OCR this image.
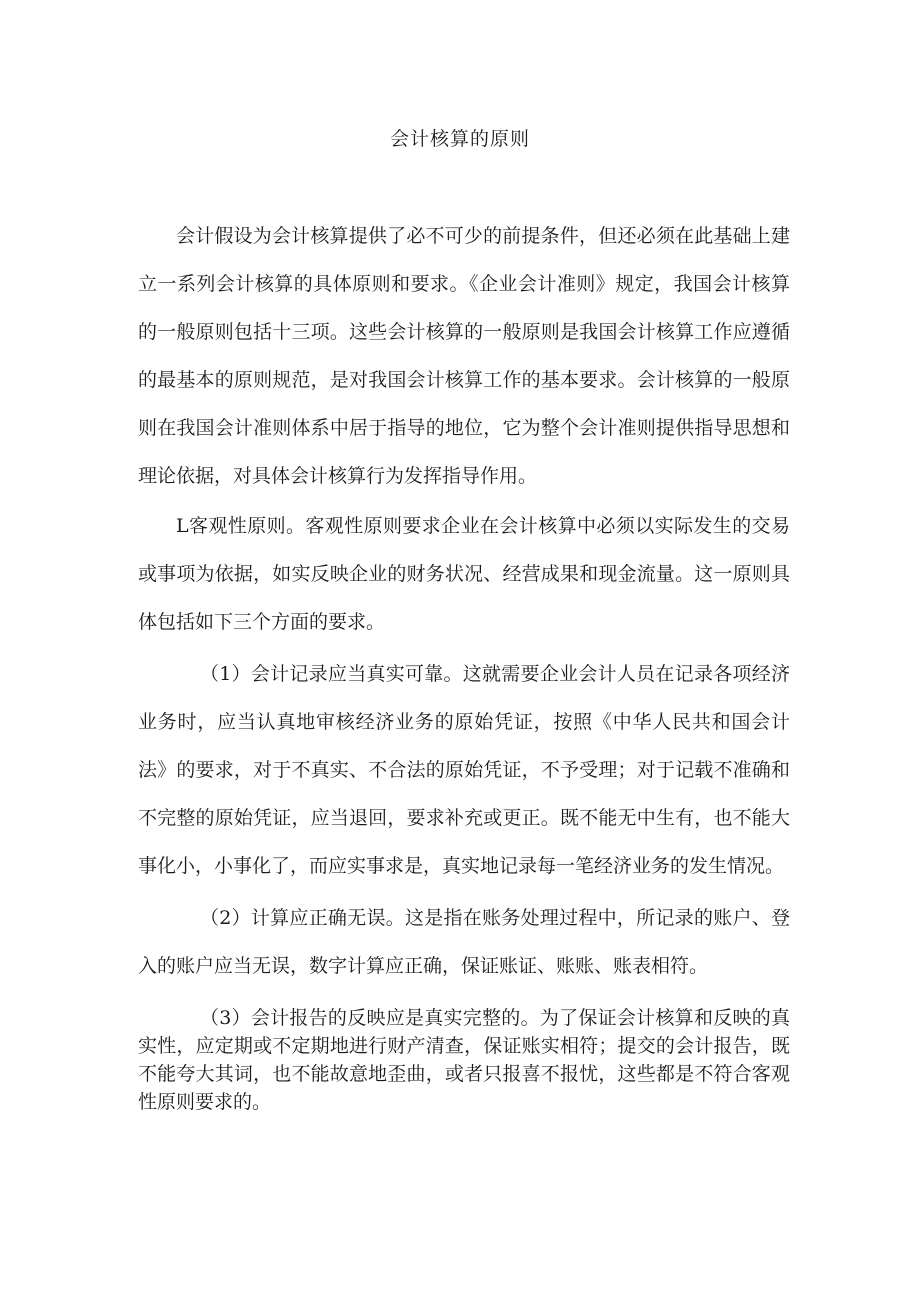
会计核算的原则

会计假设为会计核算提供了必不可少的前提条件，但还必须在此基础上建立一系列会计核算的具体原则和要求。《企业会计准则》规定，我国会计核算的一般原则包括十三项。这些会计核算的一般原则是我国会计核算工作应遵循的最基本的原则规范，是对我国会计核算工作的基本要求。会计核算的一般原则在我国会计准则体系中居于指导的地位，它为整个会计准则提供指导思想和理论依据，对具体会计核算行为发挥指导作用。

L客观性原则。客观性原则要求企业在会计核算中必须以实际发生的交易或事项为依据，如实反映企业的财务状况、经营成果和现金流量。这一原则具体包括如下三个方面的要求。

（1）会计记录应当真实可靠。这就需要企业会计人员在记录各项经济业务时，应当认真地审核经济业务的原始凭证，按照《中华人民共和国会计法》的要求，对于不真实、不合法的原始凭证，不予受理；对于记载不准确和不完整的原始凭证，应当退回，要求补充或更正。既不能无中生有，也不能大事化小，小事化了，而应实事求是，真实地记录每一笔经济业务的发生情况。

（2）计算应正确无误。这是指在账务处理过程中，所记录的账户、登入的账户应当无误，数字计算应正确，保证账证、账账、账表相符。

（3）会计报告的反映应是真实完整的。为了保证会计核算和反映的真实性，应定期或不定期地进行财产清查，保证账实相符；提交的会计报告，既不能夸大其词，也不能故意地歪曲，或者只报喜不报忧，这些都是不符合客观性原则要求的。
